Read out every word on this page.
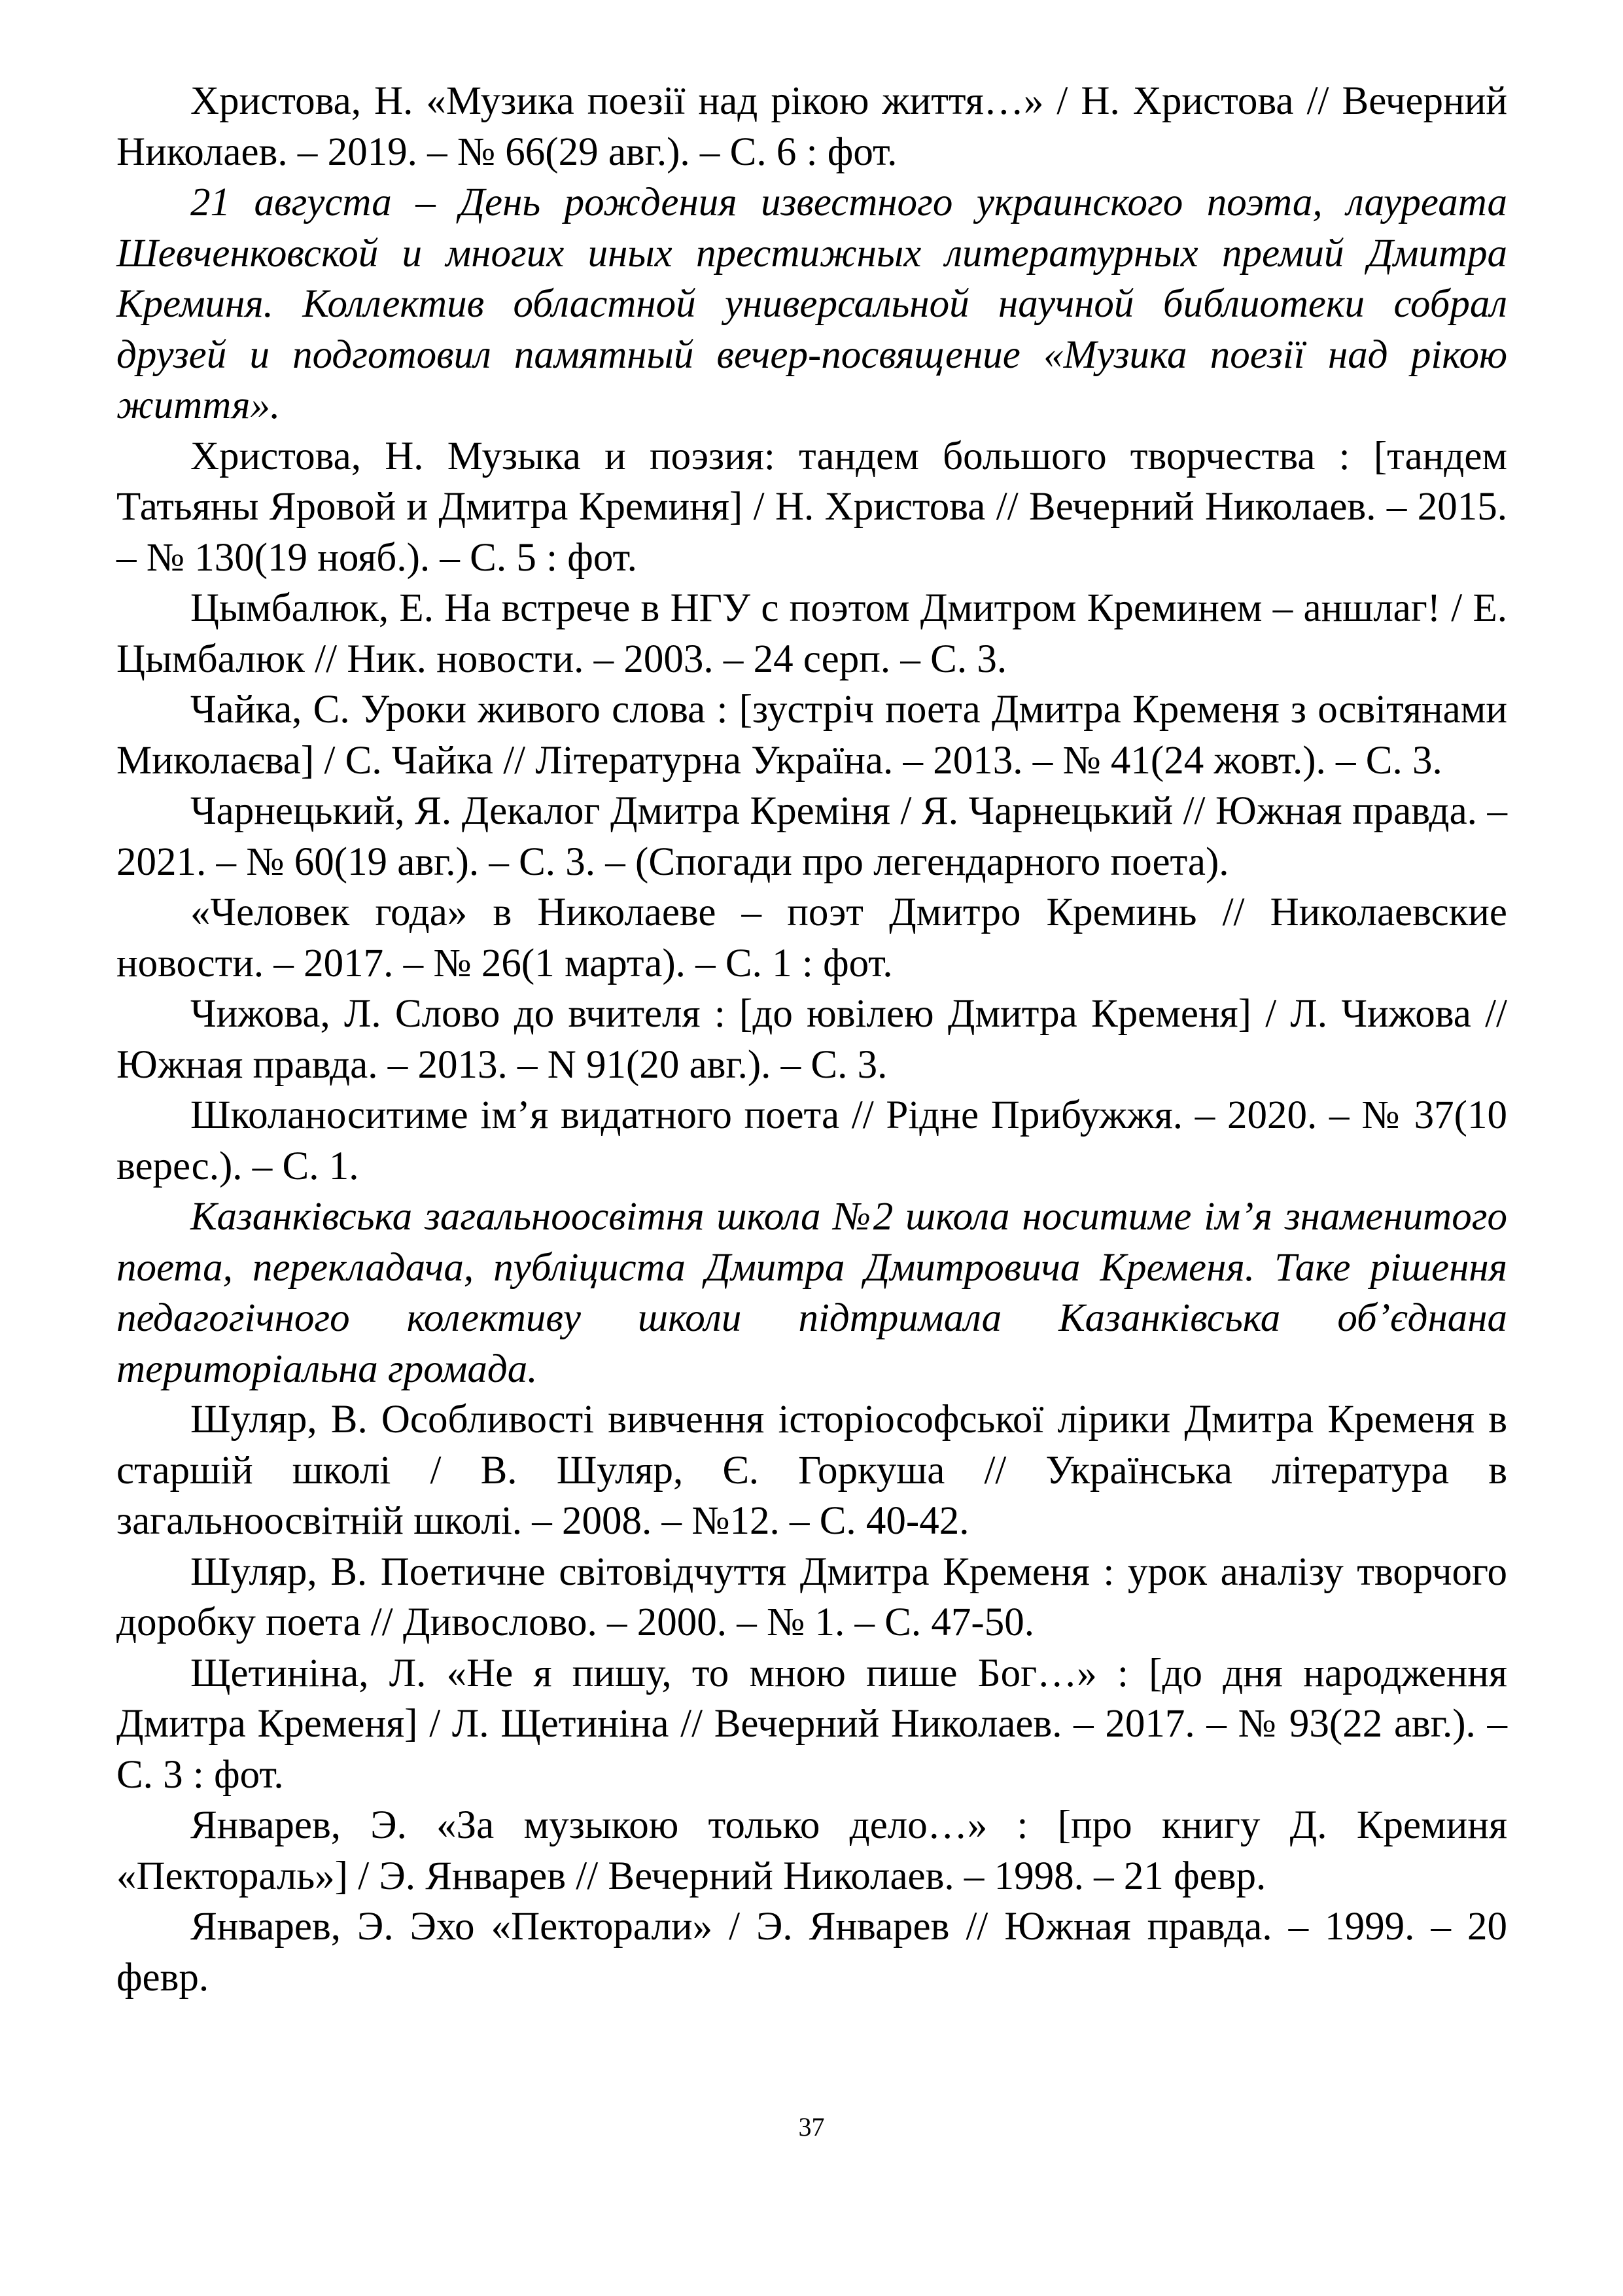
Христова, Н. «Музика поезії над рікою життя…» / Н. Христова // Вечерний Николаев. – 2019. – № 66(29 авг.). – С. 6 : фот.

21 августа – День рождения известного украинского поэта, лауреата Шевченковской и многих иных престижных литературных премий Дмитра Креминя. Коллектив областной универсальной научной библиотеки собрал друзей и подготовил памятный вечер-посвящение «Музика поезії над рікою життя».

Христова, Н. Музыка и поэзия: тандем большого творчества : [тандем Татьяны Яровой и Дмитра Креминя] / Н. Христова // Вечерний Николаев. – 2015. – № 130(19 нояб.). – С. 5 : фот.

Цымбалюк, Е. На встрече в НГУ с поэтом Дмитром Креминем – аншлаг! / Е. Цымбалюк // Ник. новости. – 2003. – 24 серп. – С. 3.

Чайка, С. Уроки живого слова : [зустріч поета Дмитра Кременя з освітянами Миколаєва] / С. Чайка // Літературна Україна. – 2013. – № 41(24 жовт.). – С. 3.

Чарнецький, Я. Декалог Дмитра Креміня / Я. Чарнецький // Южная правда. – 2021. – № 60(19 авг.). – С. 3. – (Спогади про легендарного поета).

«Человек года» в Николаеве – поэт Дмитро Креминь // Николаевские новости. – 2017. – № 26(1 марта). – С. 1 : фот.

Чижова, Л. Слово до вчителя : [до ювілею Дмитра Кременя] / Л. Чижова // Южная правда. – 2013. – N 91(20 авг.). – С. 3.

Школаноситиме ім’я видатного поета // Рідне Прибужжя. – 2020. – № 37(10 верес.). – С. 1.

Казанківська загальноосвітня школа №2 школа носитиме ім’я знаменитого поета, перекладача, публіциста Дмитра Дмитровича Кременя. Таке рішення педагогічного колективу школи підтримала Казанківська об’єднана територіальна громада.

Шуляр, В. Особливості вивчення історіософської лірики Дмитра Кременя в старшій школі / В. Шуляр, Є. Горкуша // Українська література в загальноосвітній школі. – 2008. – №12. – С. 40-42.

Шуляр, В. Поетичне світовідчуття Дмитра Кременя : урок аналізу творчого доробку поета // Дивослово. – 2000. – № 1. – С. 47-50.

Щетиніна, Л. «Не я пишу, то мною пише Бог…» : [до дня народження Дмитра Кременя] / Л. Щетиніна // Вечерний Николаев. – 2017. – № 93(22 авг.). – С. 3 : фот.

Январев, Э. «За музыкою только дело…» : [про книгу Д. Креминя «Пектораль»] / Э. Январев // Вечерний Николаев. – 1998. – 21 февр.

Январев, Э. Эхо «Пекторали» / Э. Январев // Южная правда. – 1999. – 20 февр.

37
